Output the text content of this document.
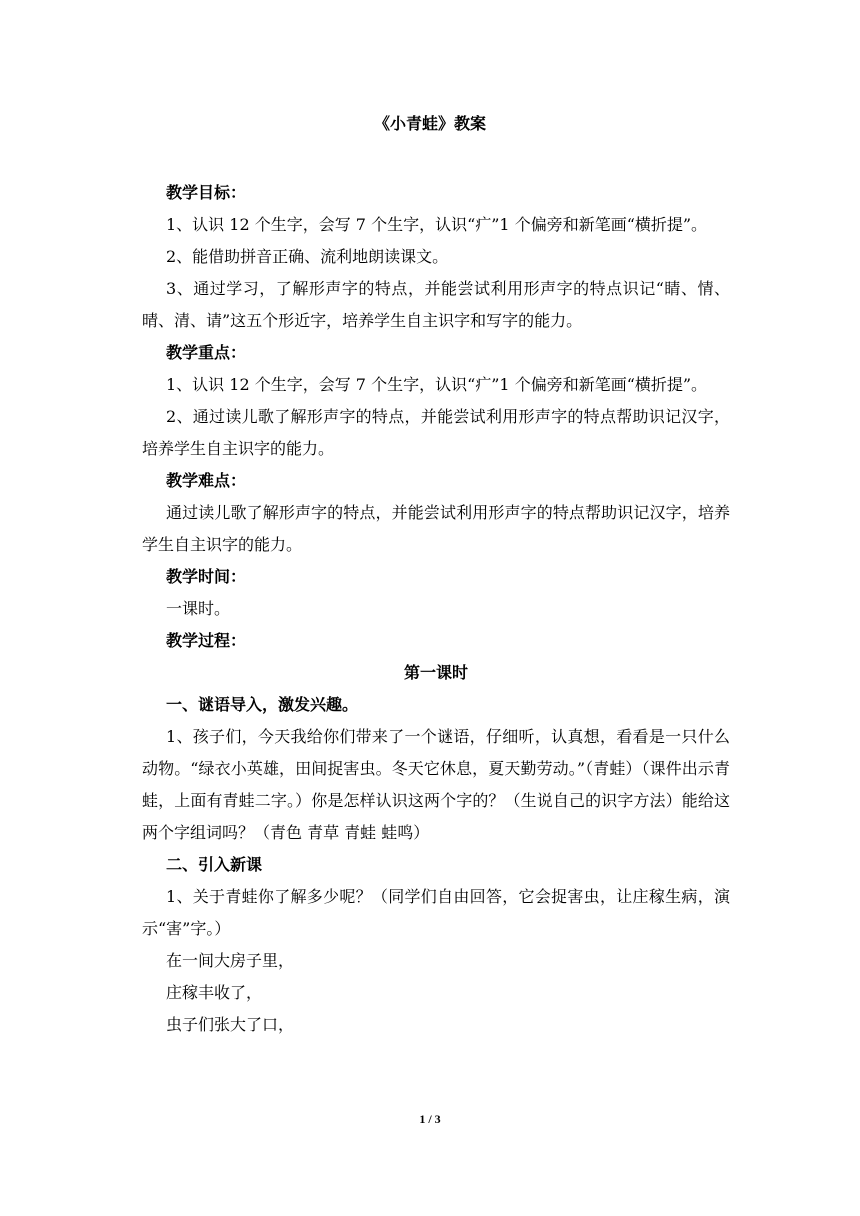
《小青蛙》教案

教学目标：

1、认识 12 个生字，会写 7 个生字，认识“疒”1 个偏旁和新笔画“横折提”。

2、能借助拼音正确、流利地朗读课文。

3、通过学习，了解形声字的特点，并能尝试利用形声字的特点识记“睛、情、晴、清、请”这五个形近字，培养学生自主识字和写字的能力。

教学重点：

1、认识 12 个生字，会写 7 个生字，认识“疒”1 个偏旁和新笔画“横折提”。

2、通过读儿歌了解形声字的特点，并能尝试利用形声字的特点帮助识记汉字，培养学生自主识字的能力。

教学难点：

通过读儿歌了解形声字的特点，并能尝试利用形声字的特点帮助识记汉字，培养学生自主识字的能力。

教学时间：

一课时。

教学过程：

第一课时

一、谜语导入，激发兴趣。

1、孩子们，今天我给你们带来了一个谜语，仔细听，认真想，看看是一只什么动物。“绿衣小英雄，田间捉害虫。冬天它休息，夏天勤劳动。”（青蛙）（课件出示青蛙，上面有青蛙二字。）你是怎样认识这两个字的？（生说自己的识字方法）能给这两个字组词吗？（青色 青草 青蛙 蛙鸣）

二、引入新课

1、关于青蛙你了解多少呢？（同学们自由回答，它会捉害虫，让庄稼生病，演示“害”字。）

在一间大房子里，

庄稼丰收了，

虫子们张大了口，

1 / 3
